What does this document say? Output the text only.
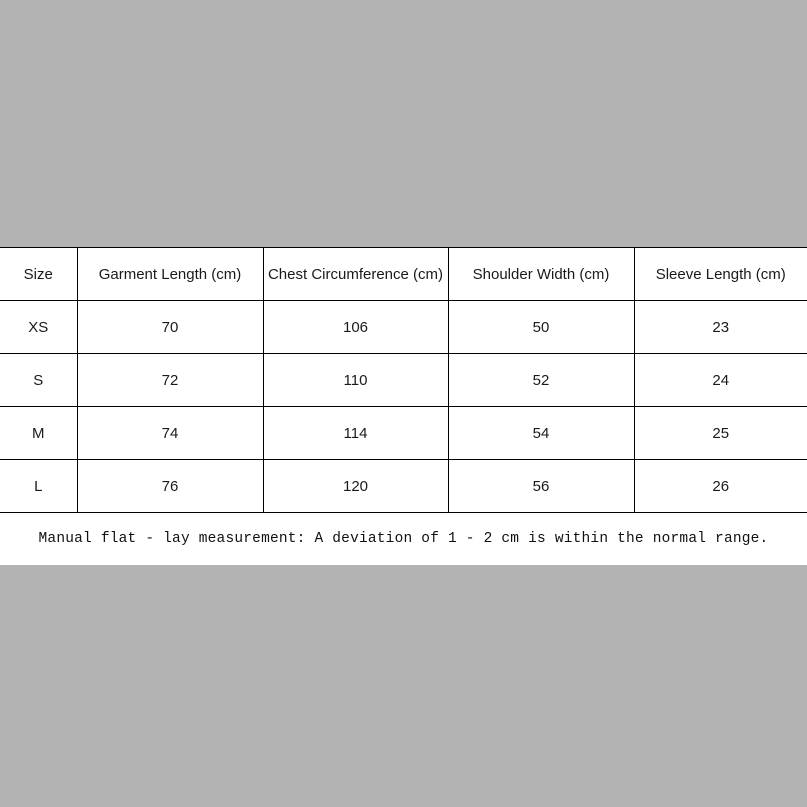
Size	Garment Length (cm)	Chest Circumference (cm)	Shoulder Width (cm)	Sleeve Length (cm)
XS	70	106	50	23
S	72	110	52	24
M	74	114	54	25
L	76	120	56	26
Manual flat - lay measurement: A deviation of 1 - 2 cm is within the normal range.
